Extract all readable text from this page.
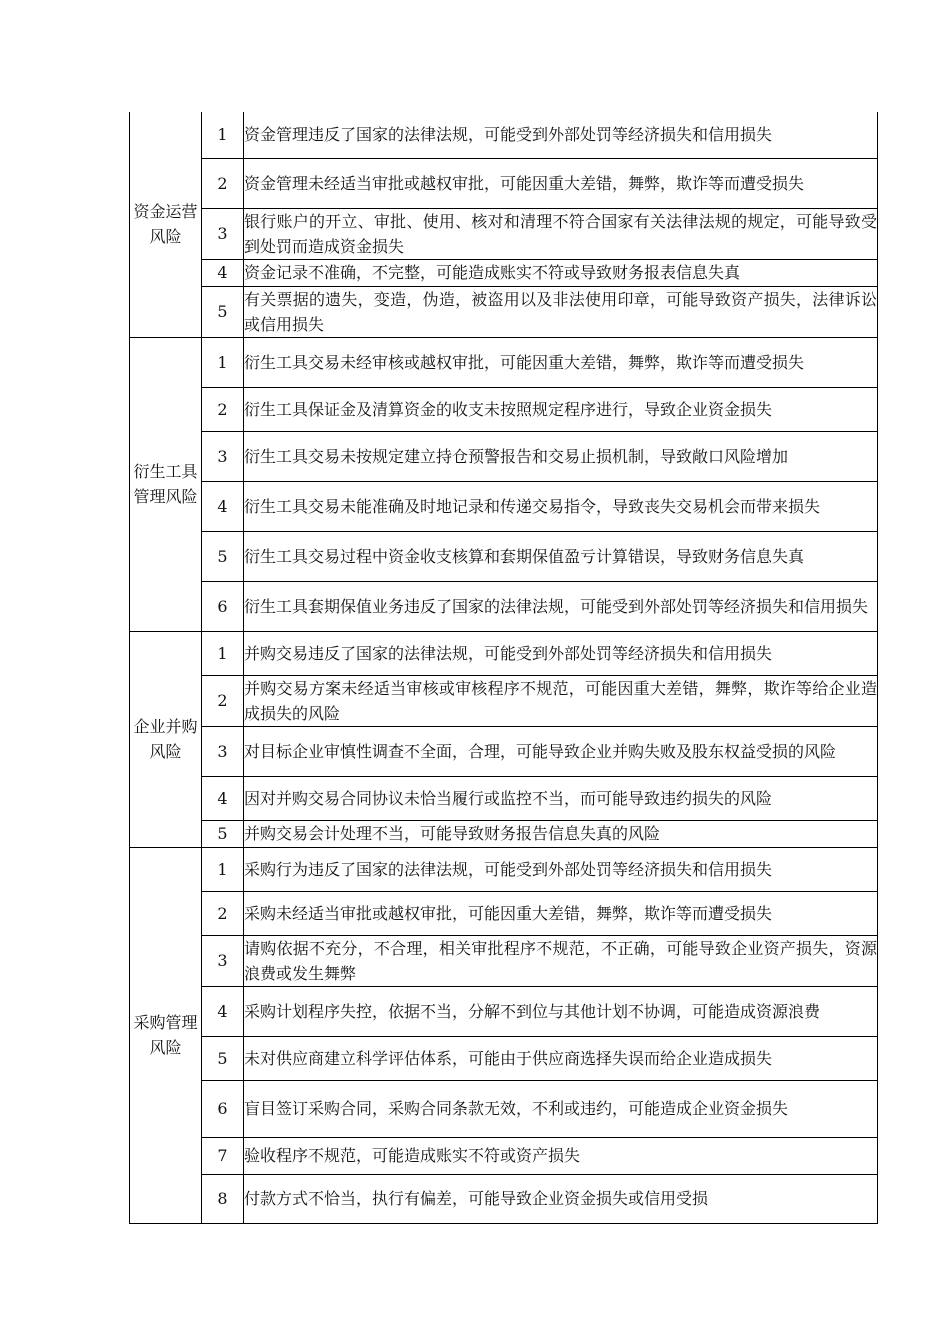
资金运营风险	1	资金管理违反了国家的法律法规，可能受到外部处罚等经济损失和信用损失
	2	资金管理未经适当审批或越权审批，可能因重大差错，舞弊，欺诈等而遭受损失
	3	银行账户的开立、审批、使用、核对和清理不符合国家有关法律法规的规定，可能导致受到处罚而造成资金损失
	4	资金记录不准确，不完整，可能造成账实不符或导致财务报表信息失真
	5	有关票据的遗失，变造，伪造，被盗用以及非法使用印章，可能导致资产损失，法律诉讼或信用损失
衍生工具管理风险	1	衍生工具交易未经审核或越权审批，可能因重大差错，舞弊，欺诈等而遭受损失
	2	衍生工具保证金及清算资金的收支未按照规定程序进行，导致企业资金损失
	3	衍生工具交易未按规定建立持仓预警报告和交易止损机制，导致敞口风险增加
	4	衍生工具交易未能准确及时地记录和传递交易指令，导致丧失交易机会而带来损失
	5	衍生工具交易过程中资金收支核算和套期保值盈亏计算错误，导致财务信息失真
	6	衍生工具套期保值业务违反了国家的法律法规，可能受到外部处罚等经济损失和信用损失
企业并购风险	1	并购交易违反了国家的法律法规，可能受到外部处罚等经济损失和信用损失
	2	并购交易方案未经适当审核或审核程序不规范，可能因重大差错，舞弊，欺诈等给企业造成损失的风险
	3	对目标企业审慎性调查不全面，合理，可能导致企业并购失败及股东权益受损的风险
	4	因对并购交易合同协议未恰当履行或监控不当，而可能导致违约损失的风险
	5	并购交易会计处理不当，可能导致财务报告信息失真的风险
采购管理风险	1	采购行为违反了国家的法律法规，可能受到外部处罚等经济损失和信用损失
	2	采购未经适当审批或越权审批，可能因重大差错，舞弊，欺诈等而遭受损失
	3	请购依据不充分，不合理，相关审批程序不规范，不正确，可能导致企业资产损失，资源浪费或发生舞弊
	4	采购计划程序失控，依据不当，分解不到位与其他计划不协调，可能造成资源浪费
	5	未对供应商建立科学评估体系，可能由于供应商选择失误而给企业造成损失
	6	盲目签订采购合同，采购合同条款无效，不利或违约，可能造成企业资金损失
	7	验收程序不规范，可能造成账实不符或资产损失
	8	付款方式不恰当，执行有偏差，可能导致企业资金损失或信用受损
